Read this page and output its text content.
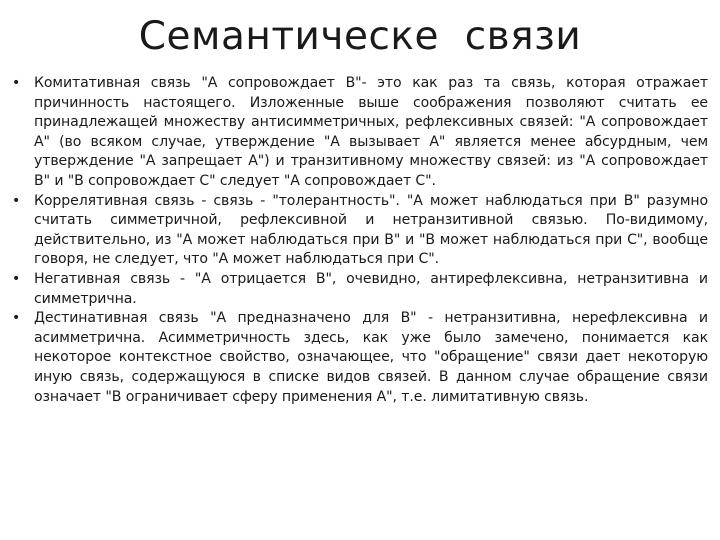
Семантическе  связи
• Комитативная связь "А сопровождает В"- это как раз та связь, которая отражает причинность настоящего. Изложенные выше соображения позволяют считать ее принадлежащей множеству антисимметричных, рефлексивных связей: "А сопровождает А" (во всяком случае, утверждение "А вызывает А" является менее абсурдным, чем утверждение "А запрещает А") и транзитивному множеству связей: из "А сопровождает В" и "В сопровождает С" следует "А сопровождает С".
• Коррелятивная связь - связь - "толерантность". "А может наблюдаться при В" разумно считать симметричной, рефлексивной и нетранзитивной связью. По-видимому, действительно, из "А может наблюдаться при В" и "В может наблюдаться при С", вообще говоря, не следует, что "А может наблюдаться при С".
• Негативная связь - "А отрицается В", очевидно, антирефлексивна, нетранзитивна и симметрична.
• Дестинативная связь "А предназначено для В" - нетранзитивна, нерефлексивна и асимметрична. Асимметричность здесь, как уже было замечено, понимается как некоторое контекстное свойство, означающее, что "обращение" связи дает некоторую иную связь, содержащуюся в списке видов связей. В данном случае обращение связи означает "В ограничивает сферу применения А", т.е. лимитативную связь.
